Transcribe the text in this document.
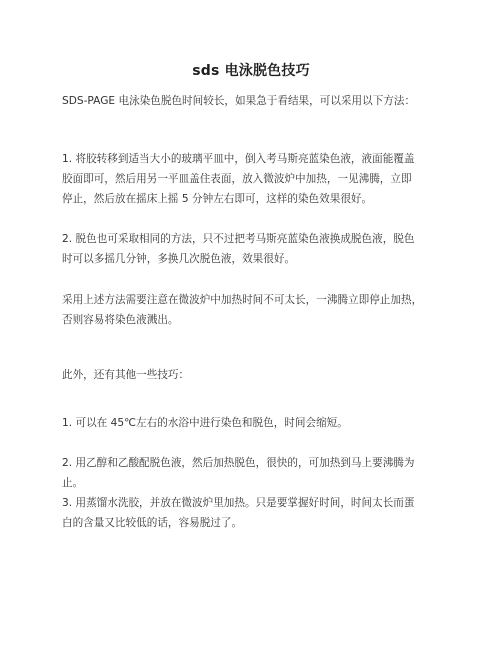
sds 电泳脱色技巧
SDS-PAGE 电泳染色脱色时间较长，如果急于看结果，可以采用以下方法：
1. 将胶转移到适当大小的玻璃平皿中，倒入考马斯亮蓝染色液，液面能覆盖
胶面即可，然后用另一平皿盖住表面，放入微波炉中加热，一见沸腾，立即
停止，然后放在摇床上摇 5 分钟左右即可，这样的染色效果很好。
2. 脱色也可采取相同的方法，只不过把考马斯亮蓝染色液换成脱色液，脱色
时可以多摇几分钟，多换几次脱色液，效果很好。
采用上述方法需要注意在微波炉中加热时间不可太长，一沸腾立即停止加热，
否则容易将染色液溅出。
此外，还有其他一些技巧：
1. 可以在 45℃左右的水浴中进行染色和脱色，时间会缩短。
2. 用乙醇和乙酸配脱色液，然后加热脱色，很快的，可加热到马上要沸腾为
止。
3. 用蒸馏水洗胶，并放在微波炉里加热。只是要掌握好时间，时间太长而蛋
白的含量又比较低的话，容易脱过了。
